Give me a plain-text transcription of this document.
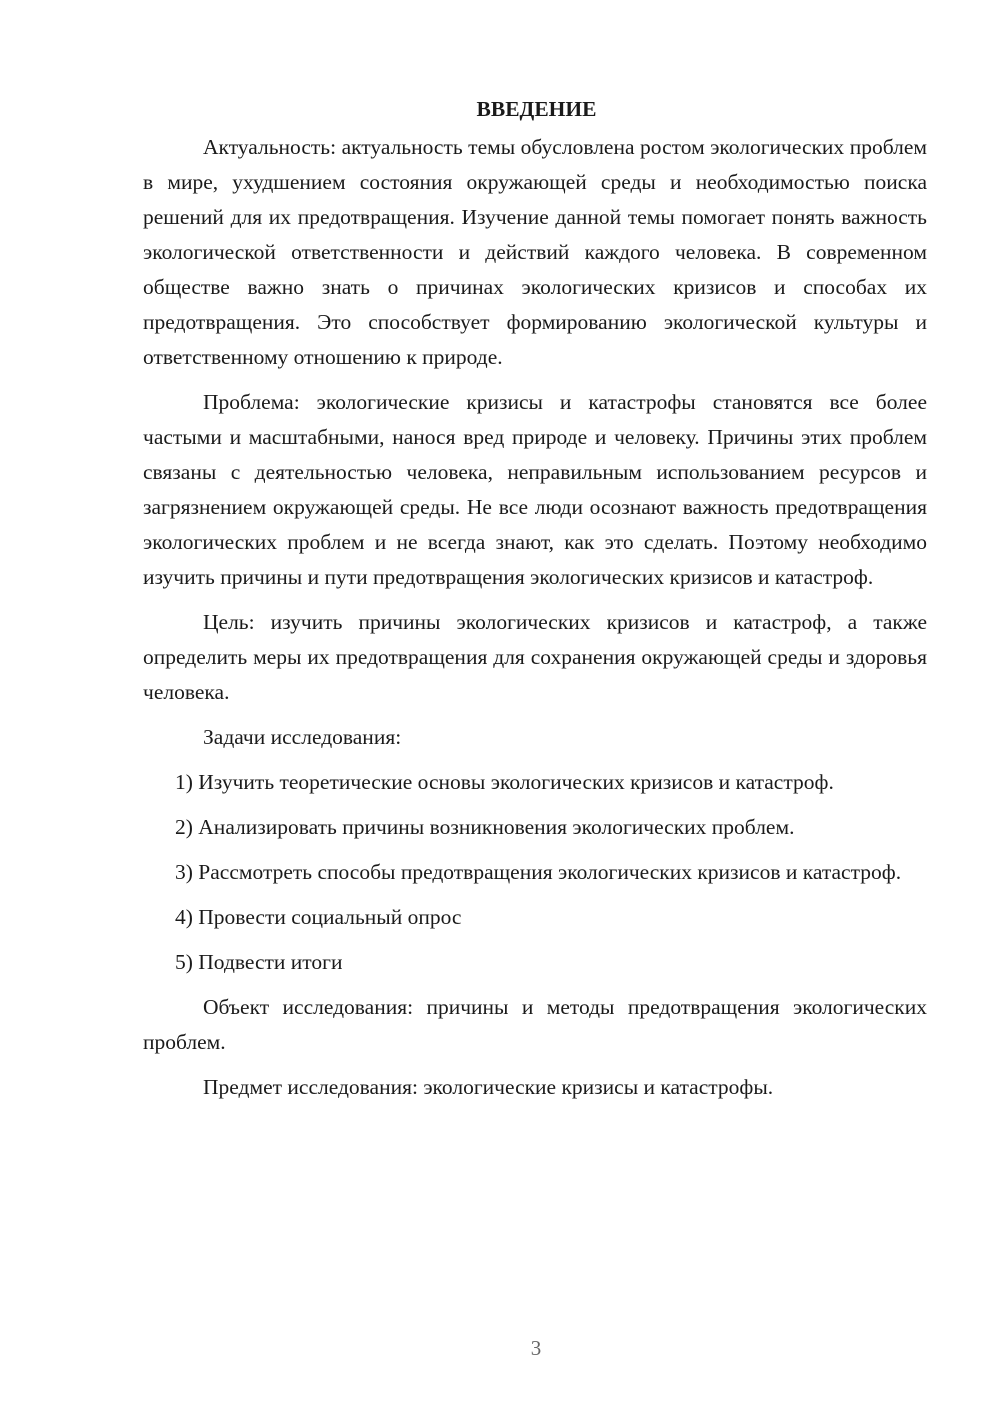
ВВЕДЕНИЕ

Актуальность: актуальность темы обусловлена ростом экологических проблем в мире, ухудшением состояния окружающей среды и необходимостью поиска решений для их предотвращения. Изучение данной темы помогает понять важность экологической ответственности и действий каждого человека. В современном обществе важно знать о причинах экологических кризисов и способах их предотвращения. Это способствует формированию экологической культуры и ответственному отношению к природе.

Проблема: экологические кризисы и катастрофы становятся все более частыми и масштабными, нанося вред природе и человеку. Причины этих проблем связаны с деятельностью человека, неправильным использованием ресурсов и загрязнением окружающей среды. Не все люди осознают важность предотвращения экологических проблем и не всегда знают, как это сделать. Поэтому необходимо изучить причины и пути предотвращения экологических кризисов и катастроф.

Цель: изучить причины экологических кризисов и катастроф, а также определить меры их предотвращения для сохранения окружающей среды и здоровья человека.

Задачи исследования:

1) Изучить теоретические основы экологических кризисов и катастроф.

2) Анализировать причины возникновения экологических проблем.

3) Рассмотреть способы предотвращения экологических кризисов и катастроф.

4) Провести социальный опрос

5) Подвести итоги

Объект исследования: причины и методы предотвращения экологических проблем.

Предмет исследования: экологические кризисы и катастрофы.

3
